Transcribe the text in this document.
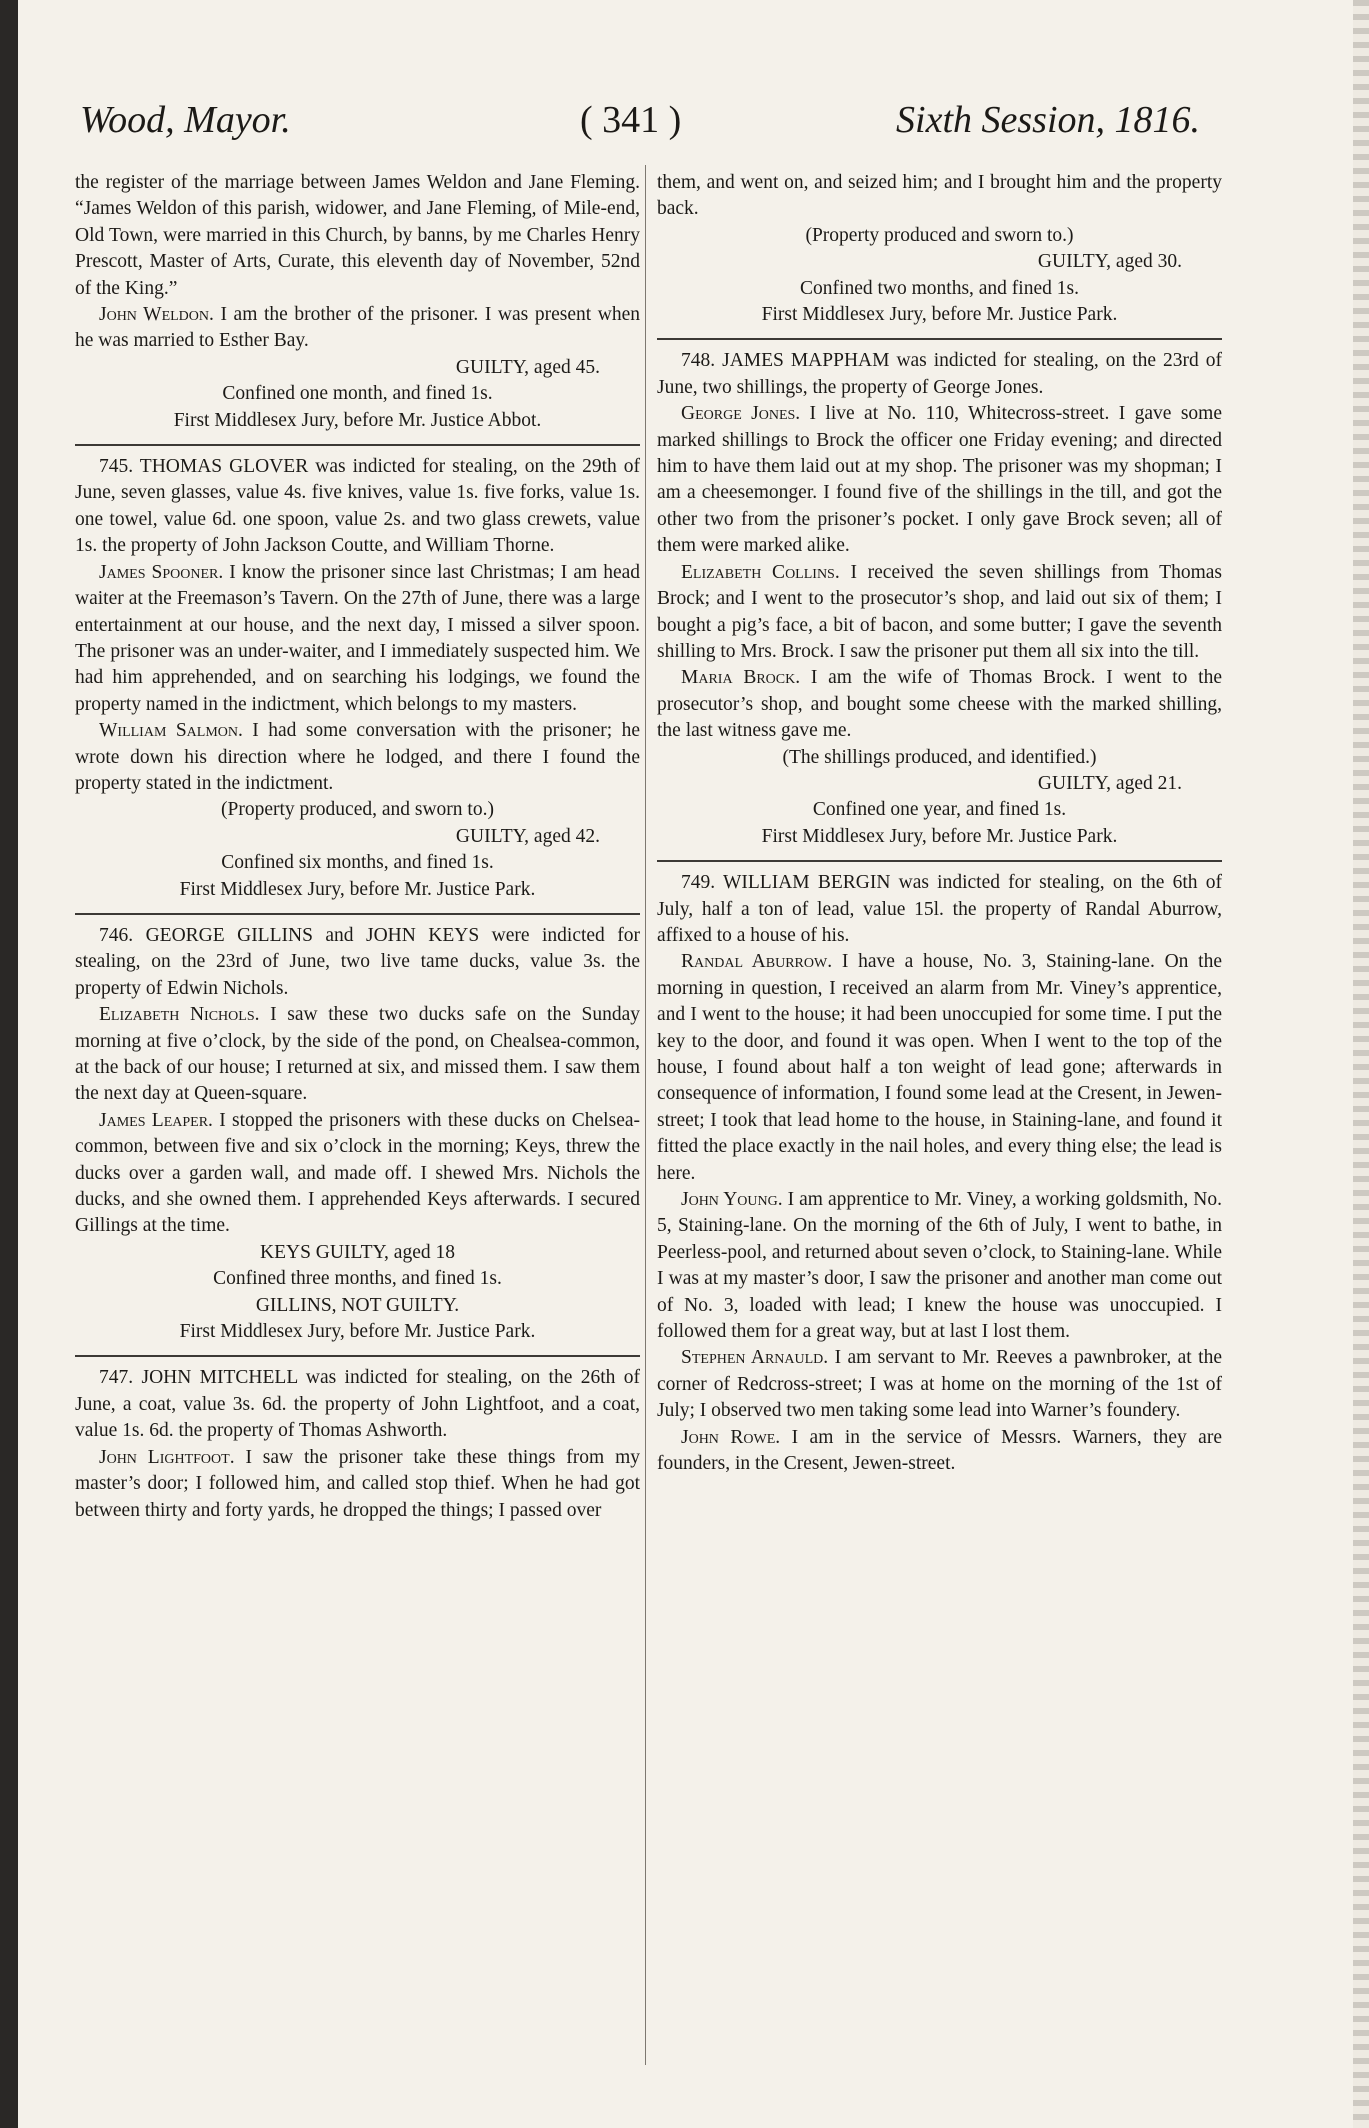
Wood, Mayor.	( 341 )	Sixth Session, 1816.

the register of the marriage between James Weldon and Jane Fleming. “James Weldon of this parish, widower, and Jane Fleming, of Mile-end, Old Town, were married in this Church, by banns, by me Charles Henry Prescott, Master of Arts, Curate, this eleventh day of November, 52nd of the King.”

John Weldon. I am the brother of the prisoner. I was present when he was married to Esther Bay.

GUILTY, aged 45.

Confined one month, and fined 1s.

First Middlesex Jury, before Mr. Justice Abbot.

745. THOMAS GLOVER was indicted for stealing, on the 29th of June, seven glasses, value 4s. five knives, value 1s. five forks, value 1s. one towel, value 6d. one spoon, value 2s. and two glass crewets, value 1s. the property of John Jackson Coutte, and William Thorne.

James Spooner. I know the prisoner since last Christmas; I am head waiter at the Freemason’s Tavern. On the 27th of June, there was a large entertainment at our house, and the next day, I missed a silver spoon. The prisoner was an under-waiter, and I immediately suspected him. We had him apprehended, and on searching his lodgings, we found the property named in the indictment, which belongs to my masters.

William Salmon. I had some conversation with the prisoner; he wrote down his direction where he lodged, and there I found the property stated in the indictment.

(Property produced, and sworn to.)

GUILTY, aged 42.

Confined six months, and fined 1s.

First Middlesex Jury, before Mr. Justice Park.

746. GEORGE GILLINS and JOHN KEYS were indicted for stealing, on the 23rd of June, two live tame ducks, value 3s. the property of Edwin Nichols.

Elizabeth Nichols. I saw these two ducks safe on the Sunday morning at five o’clock, by the side of the pond, on Chealsea-common, at the back of our house; I returned at six, and missed them. I saw them the next day at Queen-square.

James Leaper. I stopped the prisoners with these ducks on Chelsea-common, between five and six o’clock in the morning; Keys, threw the ducks over a garden wall, and made off. I shewed Mrs. Nichols the ducks, and she owned them. I apprehended Keys afterwards. I secured Gillings at the time.

KEYS GUILTY, aged 18

Confined three months, and fined 1s.

GILLINS, NOT GUILTY.

First Middlesex Jury, before Mr. Justice Park.

747. JOHN MITCHELL was indicted for stealing, on the 26th of June, a coat, value 3s. 6d. the property of John Lightfoot, and a coat, value 1s. 6d. the property of Thomas Ashworth.

John Lightfoot. I saw the prisoner take these things from my master’s door; I followed him, and called stop thief. When he had got between thirty and forty yards, he dropped the things; I passed over

them, and went on, and seized him; and I brought him and the property back.

(Property produced and sworn to.)

GUILTY, aged 30.

Confined two months, and fined 1s.

First Middlesex Jury, before Mr. Justice Park.

748. JAMES MAPPHAM was indicted for stealing, on the 23rd of June, two shillings, the property of George Jones.

George Jones. I live at No. 110, Whitecross-street. I gave some marked shillings to Brock the officer one Friday evening; and directed him to have them laid out at my shop. The prisoner was my shopman; I am a cheesemonger. I found five of the shillings in the till, and got the other two from the prisoner’s pocket. I only gave Brock seven; all of them were marked alike.

Elizabeth Collins. I received the seven shillings from Thomas Brock; and I went to the prosecutor’s shop, and laid out six of them; I bought a pig’s face, a bit of bacon, and some butter; I gave the seventh shilling to Mrs. Brock. I saw the prisoner put them all six into the till.

Maria Brock. I am the wife of Thomas Brock. I went to the prosecutor’s shop, and bought some cheese with the marked shilling, the last witness gave me.

(The shillings produced, and identified.)

GUILTY, aged 21.

Confined one year, and fined 1s.

First Middlesex Jury, before Mr. Justice Park.

749. WILLIAM BERGIN was indicted for stealing, on the 6th of July, half a ton of lead, value 15l. the property of Randal Aburrow, affixed to a house of his.

Randal Aburrow. I have a house, No. 3, Staining-lane. On the morning in question, I received an alarm from Mr. Viney’s apprentice, and I went to the house; it had been unoccupied for some time. I put the key to the door, and found it was open. When I went to the top of the house, I found about half a ton weight of lead gone; afterwards in consequence of information, I found some lead at the Cresent, in Jewen-street; I took that lead home to the house, in Staining-lane, and found it fitted the place exactly in the nail holes, and every thing else; the lead is here.

John Young. I am apprentice to Mr. Viney, a working goldsmith, No. 5, Staining-lane. On the morning of the 6th of July, I went to bathe, in Peerless-pool, and returned about seven o’clock, to Staining-lane. While I was at my master’s door, I saw the prisoner and another man come out of No. 3, loaded with lead; I knew the house was unoccupied. I followed them for a great way, but at last I lost them.

Stephen Arnauld. I am servant to Mr. Reeves a pawnbroker, at the corner of Redcross-street; I was at home on the morning of the 1st of July; I observed two men taking some lead into Warner’s foundery.

John Rowe. I am in the service of Messrs. Warners, they are founders, in the Cresent, Jewen-street.
